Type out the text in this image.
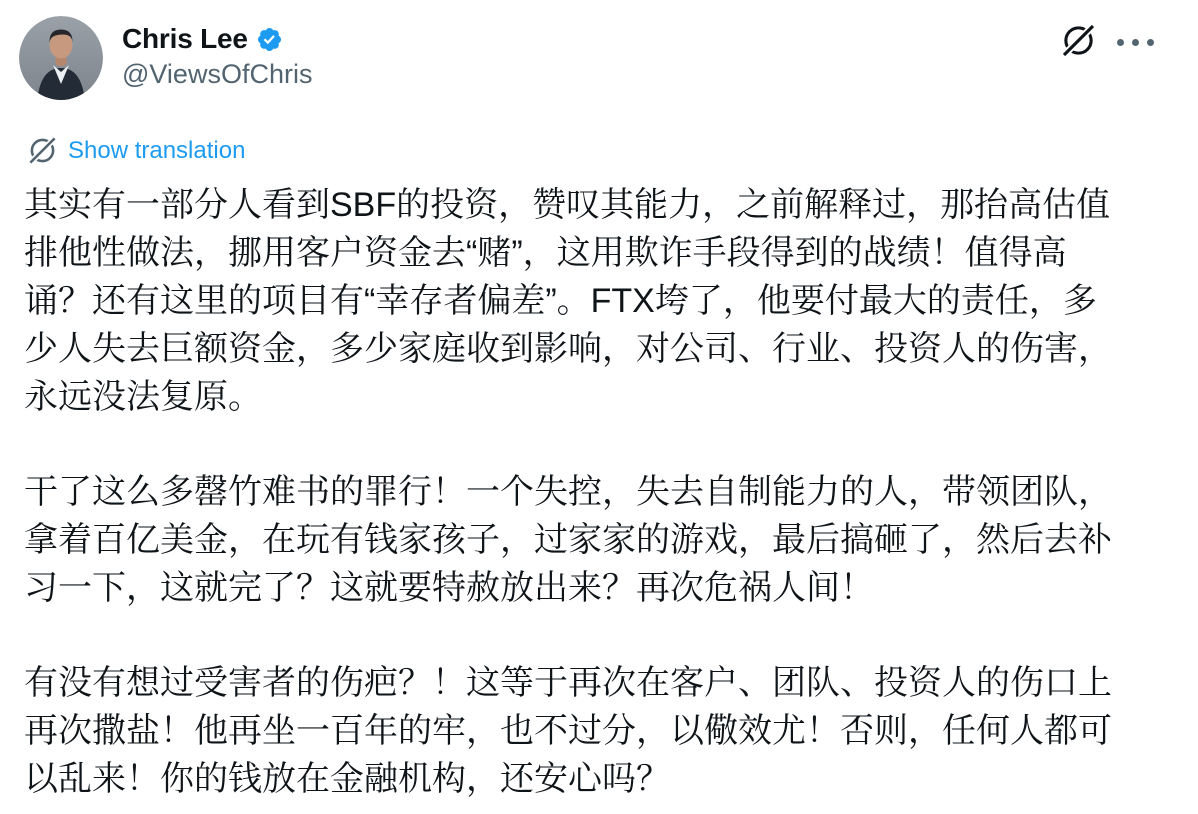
Chris Lee
@ViewsOfChris
Show translation
其实有一部分人看到SBF的投资，赞叹其能力，之前解释过，那抬高估值
排他性做法，挪用客户资金去“赌”，这用欺诈手段得到的战绩！值得高
诵？还有这里的项目有“幸存者偏差”。FTX垮了，他要付最大的责任，多
少人失去巨额资金，多少家庭收到影响，对公司、行业、投资人的伤害，
永远没法复原。
干了这么多罄竹难书的罪行！一个失控，失去自制能力的人，带领团队，
拿着百亿美金，在玩有钱家孩子，过家家的游戏，最后搞砸了，然后去补
习一下，这就完了？这就要特赦放出来？再次危祸人间！
有没有想过受害者的伤疤？！这等于再次在客户、团队、投资人的伤口上
再次撒盐！他再坐一百年的牢，也不过分，以儆效尤！否则，任何人都可
以乱来！你的钱放在金融机构，还安心吗？
